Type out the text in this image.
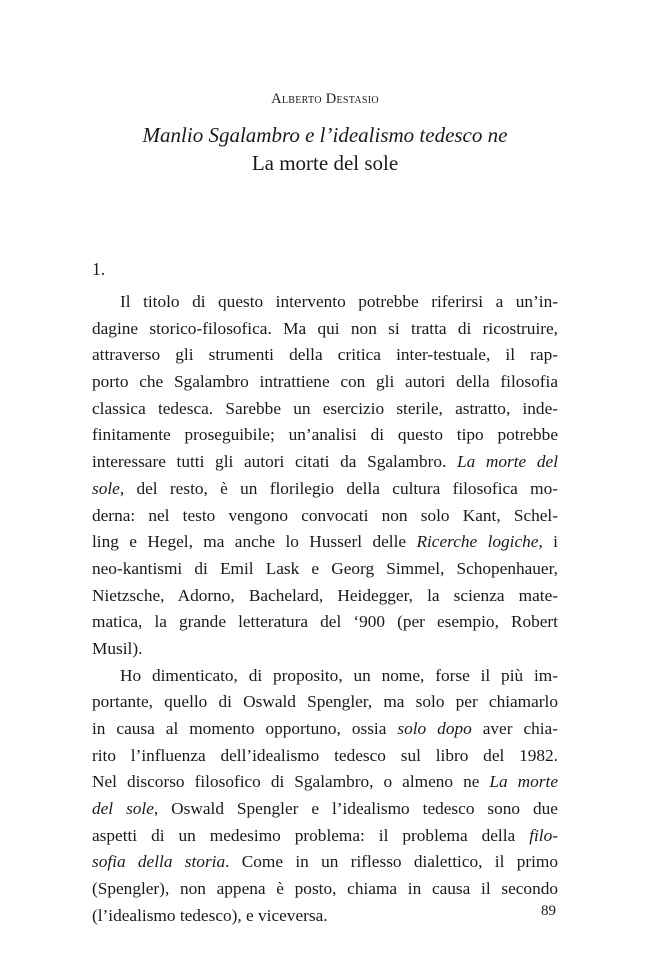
Alberto Destasio
Manlio Sgalambro e l’idealismo tedesco ne
La morte del sole
1.
Il titolo di questo intervento potrebbe riferirsi a un’in-
dagine storico-filosofica. Ma qui non si tratta di ricostruire,
attraverso gli strumenti della critica inter-testuale, il rap-
porto che Sgalambro intrattiene con gli autori della filosofia
classica tedesca. Sarebbe un esercizio sterile, astratto, inde-
finitamente proseguibile; un’analisi di questo tipo potrebbe
interessare tutti gli autori citati da Sgalambro. La morte del
sole, del resto, è un florilegio della cultura filosofica mo-
derna: nel testo vengono convocati non solo Kant, Schel-
ling e Hegel, ma anche lo Husserl delle Ricerche logiche, i
neo-kantismi di Emil Lask e Georg Simmel, Schopenhauer,
Nietzsche, Adorno, Bachelard, Heidegger, la scienza mate-
matica, la grande letteratura del ‘900 (per esempio, Robert
Musil).
Ho dimenticato, di proposito, un nome, forse il più im-
portante, quello di Oswald Spengler, ma solo per chiamarlo
in causa al momento opportuno, ossia solo dopo aver chia-
rito l’influenza dell’idealismo tedesco sul libro del 1982.
Nel discorso filosofico di Sgalambro, o almeno ne La morte
del sole, Oswald Spengler e l’idealismo tedesco sono due
aspetti di un medesimo problema: il problema della filo-
sofia della storia. Come in un riflesso dialettico, il primo
(Spengler), non appena è posto, chiama in causa il secondo
(l’idealismo tedesco), e viceversa.	89
